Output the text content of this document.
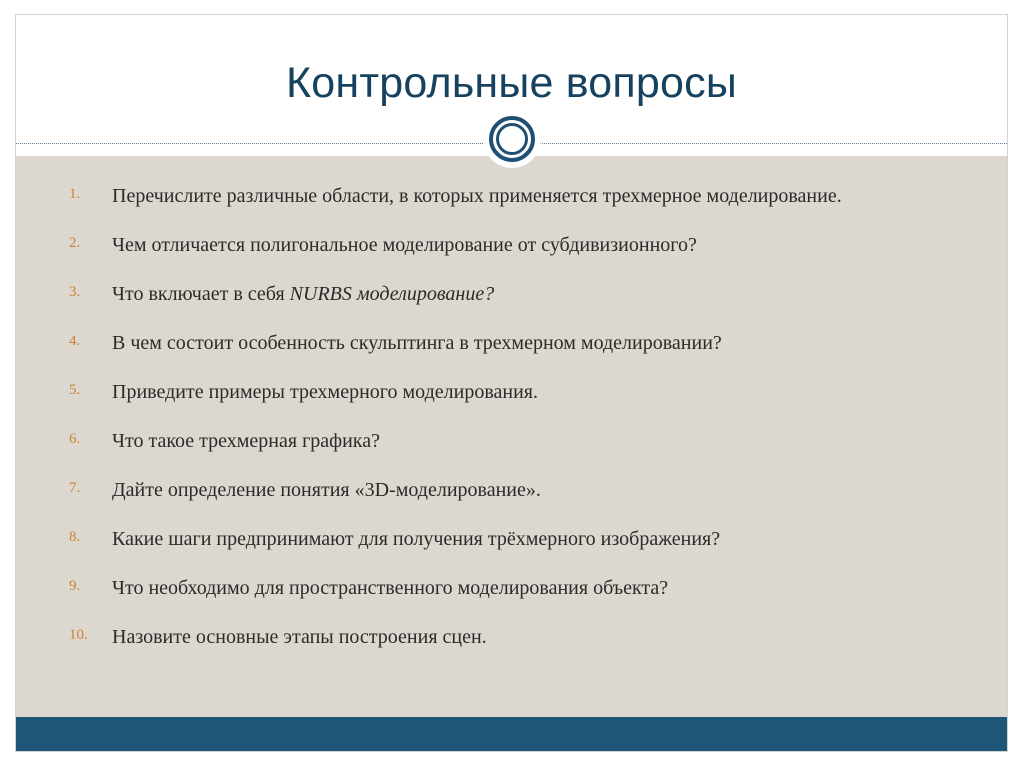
Контрольные вопросы
1.	Перечислите различные области, в которых применяется трехмерное моделирование.
2.	Чем отличается полигональное моделирование от субдивизионного?
3.	Что включает в себя NURBS моделирование?
4.	В чем состоит особенность скульптинга в трехмерном моделировании?
5.	Приведите примеры трехмерного моделирования.
6.	Что такое трехмерная графика?
7.	Дайте определение понятия «3D-моделирование».
8.	Какие шаги предпринимают для получения трёхмерного изображения?
9.	Что необходимо для пространственного моделирования объекта?
10.	Назовите основные этапы построения сцен.
